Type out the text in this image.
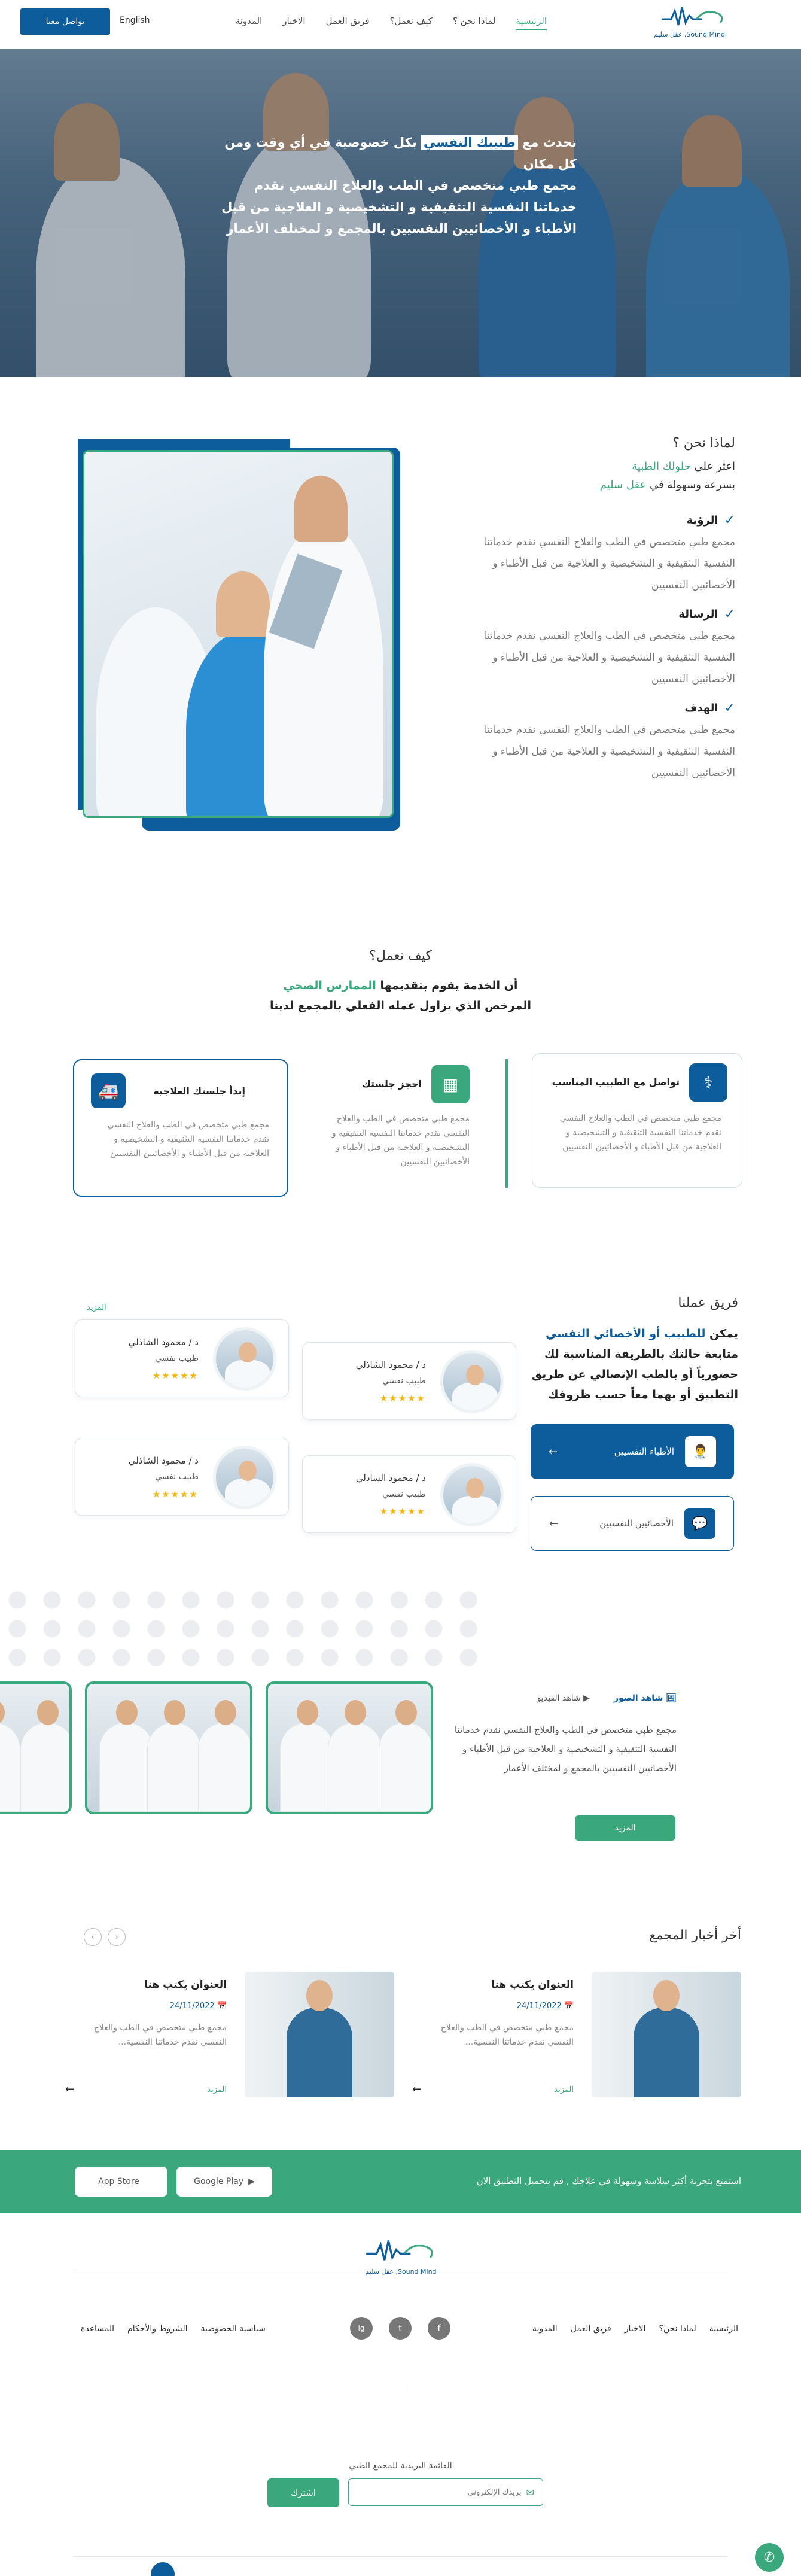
Sound Mind, عقل سليم
الرئيسية
لماذا نحن ؟
كيف نعمل؟
فريق العمل
الاخبار
المدونة
English
تواصل معنا
تحدث مع طبيبك النفسي بكل خصوصية في أي وقت ومن كل مكان
مجمع طبي متخصص في الطب والعلاج النفسي نقدم خدماتنا النفسية التثقيفية و التشخيصية و العلاجية من قبل الأطباء و الأخصائيين النفسيين بالمجمع و لمختلف الأعمار
لماذا نحن ؟
اعثر على حلولك الطبية
بسرعة وسهولة في عقل سليم
✓
الرؤية
مجمع طبي متخصص في الطب والعلاج النفسي نقدم خدماتنا النفسية التثقيفية و التشخيصية و العلاجية من قبل الأطباء و الأخصائيين النفسيين
✓
الرسالة
مجمع طبي متخصص في الطب والعلاج النفسي نقدم خدماتنا النفسية التثقيفية و التشخيصية و العلاجية من قبل الأطباء و الأخصائيين النفسيين
✓
الهدف
مجمع طبي متخصص في الطب والعلاج النفسي نقدم خدماتنا النفسية التثقيفية و التشخيصية و العلاجية من قبل الأطباء و الأخصائيين النفسيين
كيف نعمل؟
أن الخدمة يقوم بتقديمها الممارس الصحي
المرخص الذي يزاول عمله الفعلي بالمجمع لدينا
⚕
تواصل مع الطبيب المناسب

مجمع طبي متخصص في الطب والعلاج النفسي نقدم خدماتنا النفسية التثقيفية و التشخيصية و العلاجية من قبل الأطباء و الأخصائيين النفسيين

▦
احجز جلستك

مجمع طبي متخصص في الطب والعلاج النفسي نقدم خدماتنا النفسية التثقيفية و التشخيصية و العلاجية من قبل الأطباء و الأخصائيين النفسيين

🚑	إبدأ جلستك العلاجية

مجمع طبي متخصص في الطب والعلاج النفسي نقدم خدماتنا النفسية التثقيفية و التشخيصية و العلاجية من قبل الأطباء و الأخصائيين النفسيين

فريق عملنا
يمكن للطبيب أو الأخصائي النفسي متابعة حالتك بالطريقة المناسبة لك حضورياً أو بالطب الإتصالي عن طريق التطبيق أو بهما معاً حسب ظروفك
👨‍⚕️
الأطباء النفسيين
←
💬
الأخصائيين النفسيين
←
المزيد
د / محمود الشاذلي
طبيب نفسي
★★★★★
د / محمود الشاذلي
طبيب نفسي
★★★★★
د / محمود الشاذلي
طبيب نفسي
★★★★★
د / محمود الشاذلي
طبيب نفسي
★★★★★
🖼 شاهد الصور
▶ شاهد الفيديو
مجمع طبي متخصص في الطب والعلاج النفسي نقدم خدماتنا النفسية التثقيفية و التشخيصية و العلاجية من قبل الأطباء و الأخصائيين النفسيين بالمجمع و لمختلف الأعمار
المزيد
أخر أخبار المجمع
‹
›
العنوان يكتب هنا
📅 24/11/2022

مجمع طبي متخصص في الطب والعلاج النفسي نقدم خدماتنا النفسية...

المزيد
←
العنوان يكتب هنا
📅 24/11/2022

مجمع طبي متخصص في الطب والعلاج النفسي نقدم خدماتنا النفسية...

المزيد
←
استمتع بتجربة أكثر سلاسة وسهولة في علاجك , قم بتحميل التطبيق الان
▶
Google Play
App Store
Sound Mind, عقل سليم
الرئيسية
لماذا نحن؟
الاخبار
فريق العمل
المدونة
f
t
ig
سياسية الخصوصية
الشروط والأحكام
المساعدة
القائمة البريدية للمجمع الطبي
✉
بريدك الإلكتروني
اشترك
✆
